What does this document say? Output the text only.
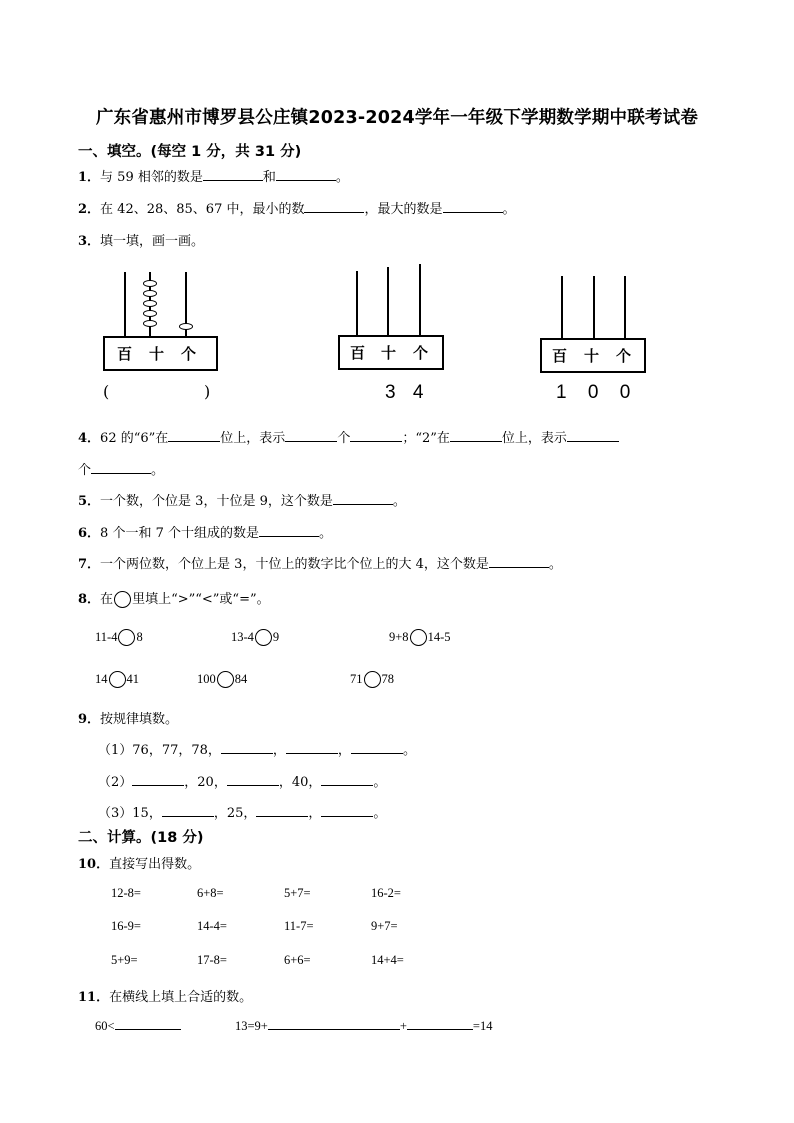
广东省惠州市博罗县公庄镇2023-2024学年一年级下学期数学期中联考试卷
一、填空。(每空 1 分，共 31 分)
1．与 59 相邻的数是	和	。
2．在 42、28、85、67 中，最小的数	，最大的数是	。
3．填一填，画一画。
百 十 个
(	)
百 十 个
3 4
百 十 个
1 0 0
4．62 的“6”在	位上，表示	个	；“2”在	位上，表示
个	。
5．一个数，个位是 3，十位是 9，这个数是	。
6．8 个一和 7 个十组成的数是	。
7．一个两位数，个位上是 3，十位上的数字比个位上的大 4，这个数是	。
8．在 里填上“>”“<”或“=”。
11-4 8	13-4 9	9+8 14-5
14 41	100 84	71 78
9．按规律填数。
（1）76，77，78，	，	，	。
（2）	，20，	，40，	。
（3）15，	，25，	，	。
二、计算。(18 分)
10．直接写出得数。
12-8=	6+8=	5+7=	16-2=
16-9=	14-4=	11-7=	9+7=
5+9=	17-8=	6+6=	14+4=
11．在横线上填上合适的数。
60<	13=9+	+	=14
